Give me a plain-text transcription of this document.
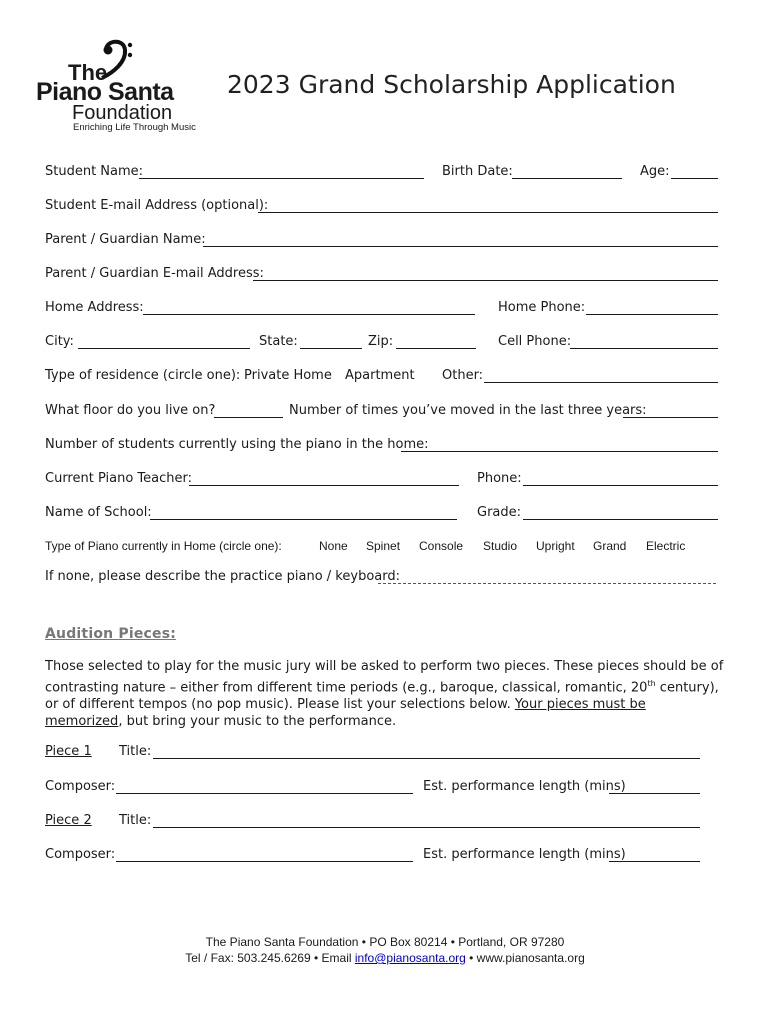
The
Piano Santa
Foundation
Enriching Life Through Music
2023 Grand Scholarship Application
Student Name:	Birth Date:	Age:
Student E-mail Address (optional):
Parent / Guardian Name:
Parent / Guardian E-mail Address:
Home Address:	Home Phone:
City:	State:	Zip:	Cell Phone:
Type of residence (circle one): Private Home Apartment Other:
What floor do you live on?	Number of times you’ve moved in the last three years:
Number of students currently using the piano in the home:
Current Piano Teacher:	Phone:
Name of School:	Grade:
Type of Piano currently in Home (circle one):	None Spinet Console Studio Upright Grand Electric
If none, please describe the practice piano / keyboard:
Audition Pieces:
Those selected to play for the music jury will be asked to perform two pieces. These pieces should be of contrasting nature – either from different time periods (e.g., baroque, classical, romantic, 20th century), or of different tempos (no pop music). Please list your selections below. Your pieces must be memorized, but bring your music to the performance.
Piece 1 Title:
Composer:	Est. performance length (mins)
Piece 2 Title:
Composer:	Est. performance length (mins)
The Piano Santa Foundation • PO Box 80214 • Portland, OR 97280
Tel / Fax: 503.245.6269 • Email info@pianosanta.org • www.pianosanta.org
